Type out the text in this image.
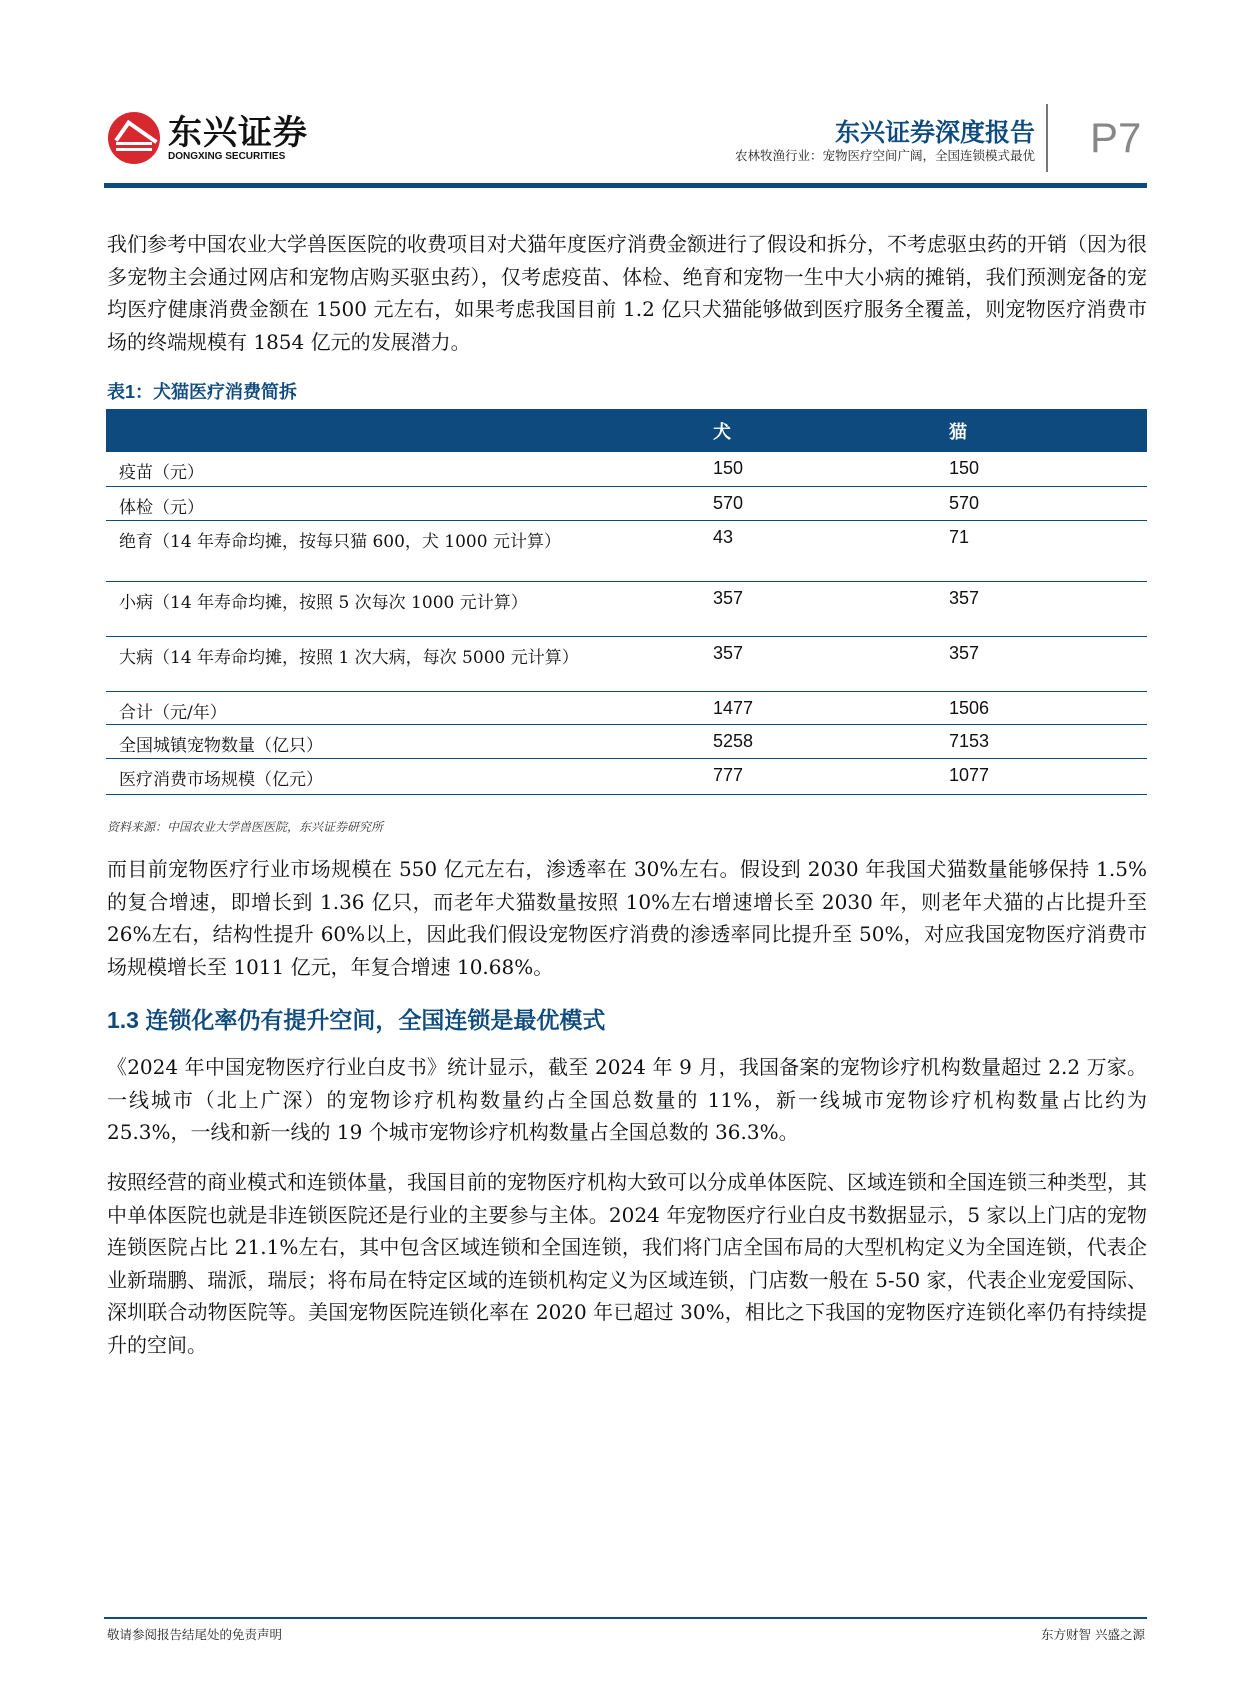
东兴证券
DONGXING SECURITIES
东兴证券深度报告
农林牧渔行业：宠物医疗空间广阔，全国连锁模式最优 P7
我们参考中国农业大学兽医医院的收费项目对犬猫年度医疗消费金额进行了假设和拆分，不考虑驱虫药的开销（因为很多宠物主会通过网店和宠物店购买驱虫药），仅考虑疫苗、体检、绝育和宠物一生中大小病的摊销，我们预测宠备的宠均医疗健康消费金额在 1500 元左右，如果考虑我国目前 1.2 亿只犬猫能够做到医疗服务全覆盖，则宠物医疗消费市场的终端规模有 1854 亿元的发展潜力。
表1：犬猫医疗消费简拆
	犬	猫
疫苗（元）	150	150
体检（元）	570	570
绝育（14 年寿命均摊，按每只猫 600，犬 1000 元计算）	43	71
小病（14 年寿命均摊，按照 5 次每次 1000 元计算）	357	357
大病（14 年寿命均摊，按照 1 次大病，每次 5000 元计算）	357	357
合计（元/年）	1477	1506
全国城镇宠物数量（亿只）	5258	7153
医疗消费市场规模（亿元）	777	1077
资料来源：中国农业大学兽医医院，东兴证券研究所
而目前宠物医疗行业市场规模在 550 亿元左右，渗透率在 30%左右。假设到 2030 年我国犬猫数量能够保持 1.5%的复合增速，即增长到 1.36 亿只，而老年犬猫数量按照 10%左右增速增长至 2030 年，则老年犬猫的占比提升至 26%左右，结构性提升 60%以上，因此我们假设宠物医疗消费的渗透率同比提升至 50%，对应我国宠物医疗消费市场规模增长至 1011 亿元，年复合增速 10.68%。
1.3 连锁化率仍有提升空间，全国连锁是最优模式
《2024 年中国宠物医疗行业白皮书》统计显示，截至 2024 年 9 月，我国备案的宠物诊疗机构数量超过 2.2 万家。一线城市（北上广深）的宠物诊疗机构数量约占全国总数量的 11%，新一线城市宠物诊疗机构数量占比约为 25.3%，一线和新一线的 19 个城市宠物诊疗机构数量占全国总数的 36.3%。
按照经营的商业模式和连锁体量，我国目前的宠物医疗机构大致可以分成单体医院、区域连锁和全国连锁三种类型，其中单体医院也就是非连锁医院还是行业的主要参与主体。2024 年宠物医疗行业白皮书数据显示，5 家以上门店的宠物连锁医院占比 21.1%左右，其中包含区域连锁和全国连锁，我们将门店全国布局的大型机构定义为全国连锁，代表企业新瑞鹏、瑞派，瑞辰；将布局在特定区域的连锁机构定义为区域连锁，门店数一般在 5-50 家，代表企业宠爱国际、深圳联合动物医院等。美国宠物医院连锁化率在 2020 年已超过 30%，相比之下我国的宠物医疗连锁化率仍有持续提升的空间。
敬请参阅报告结尾处的免责声明	东方财智 兴盛之源
